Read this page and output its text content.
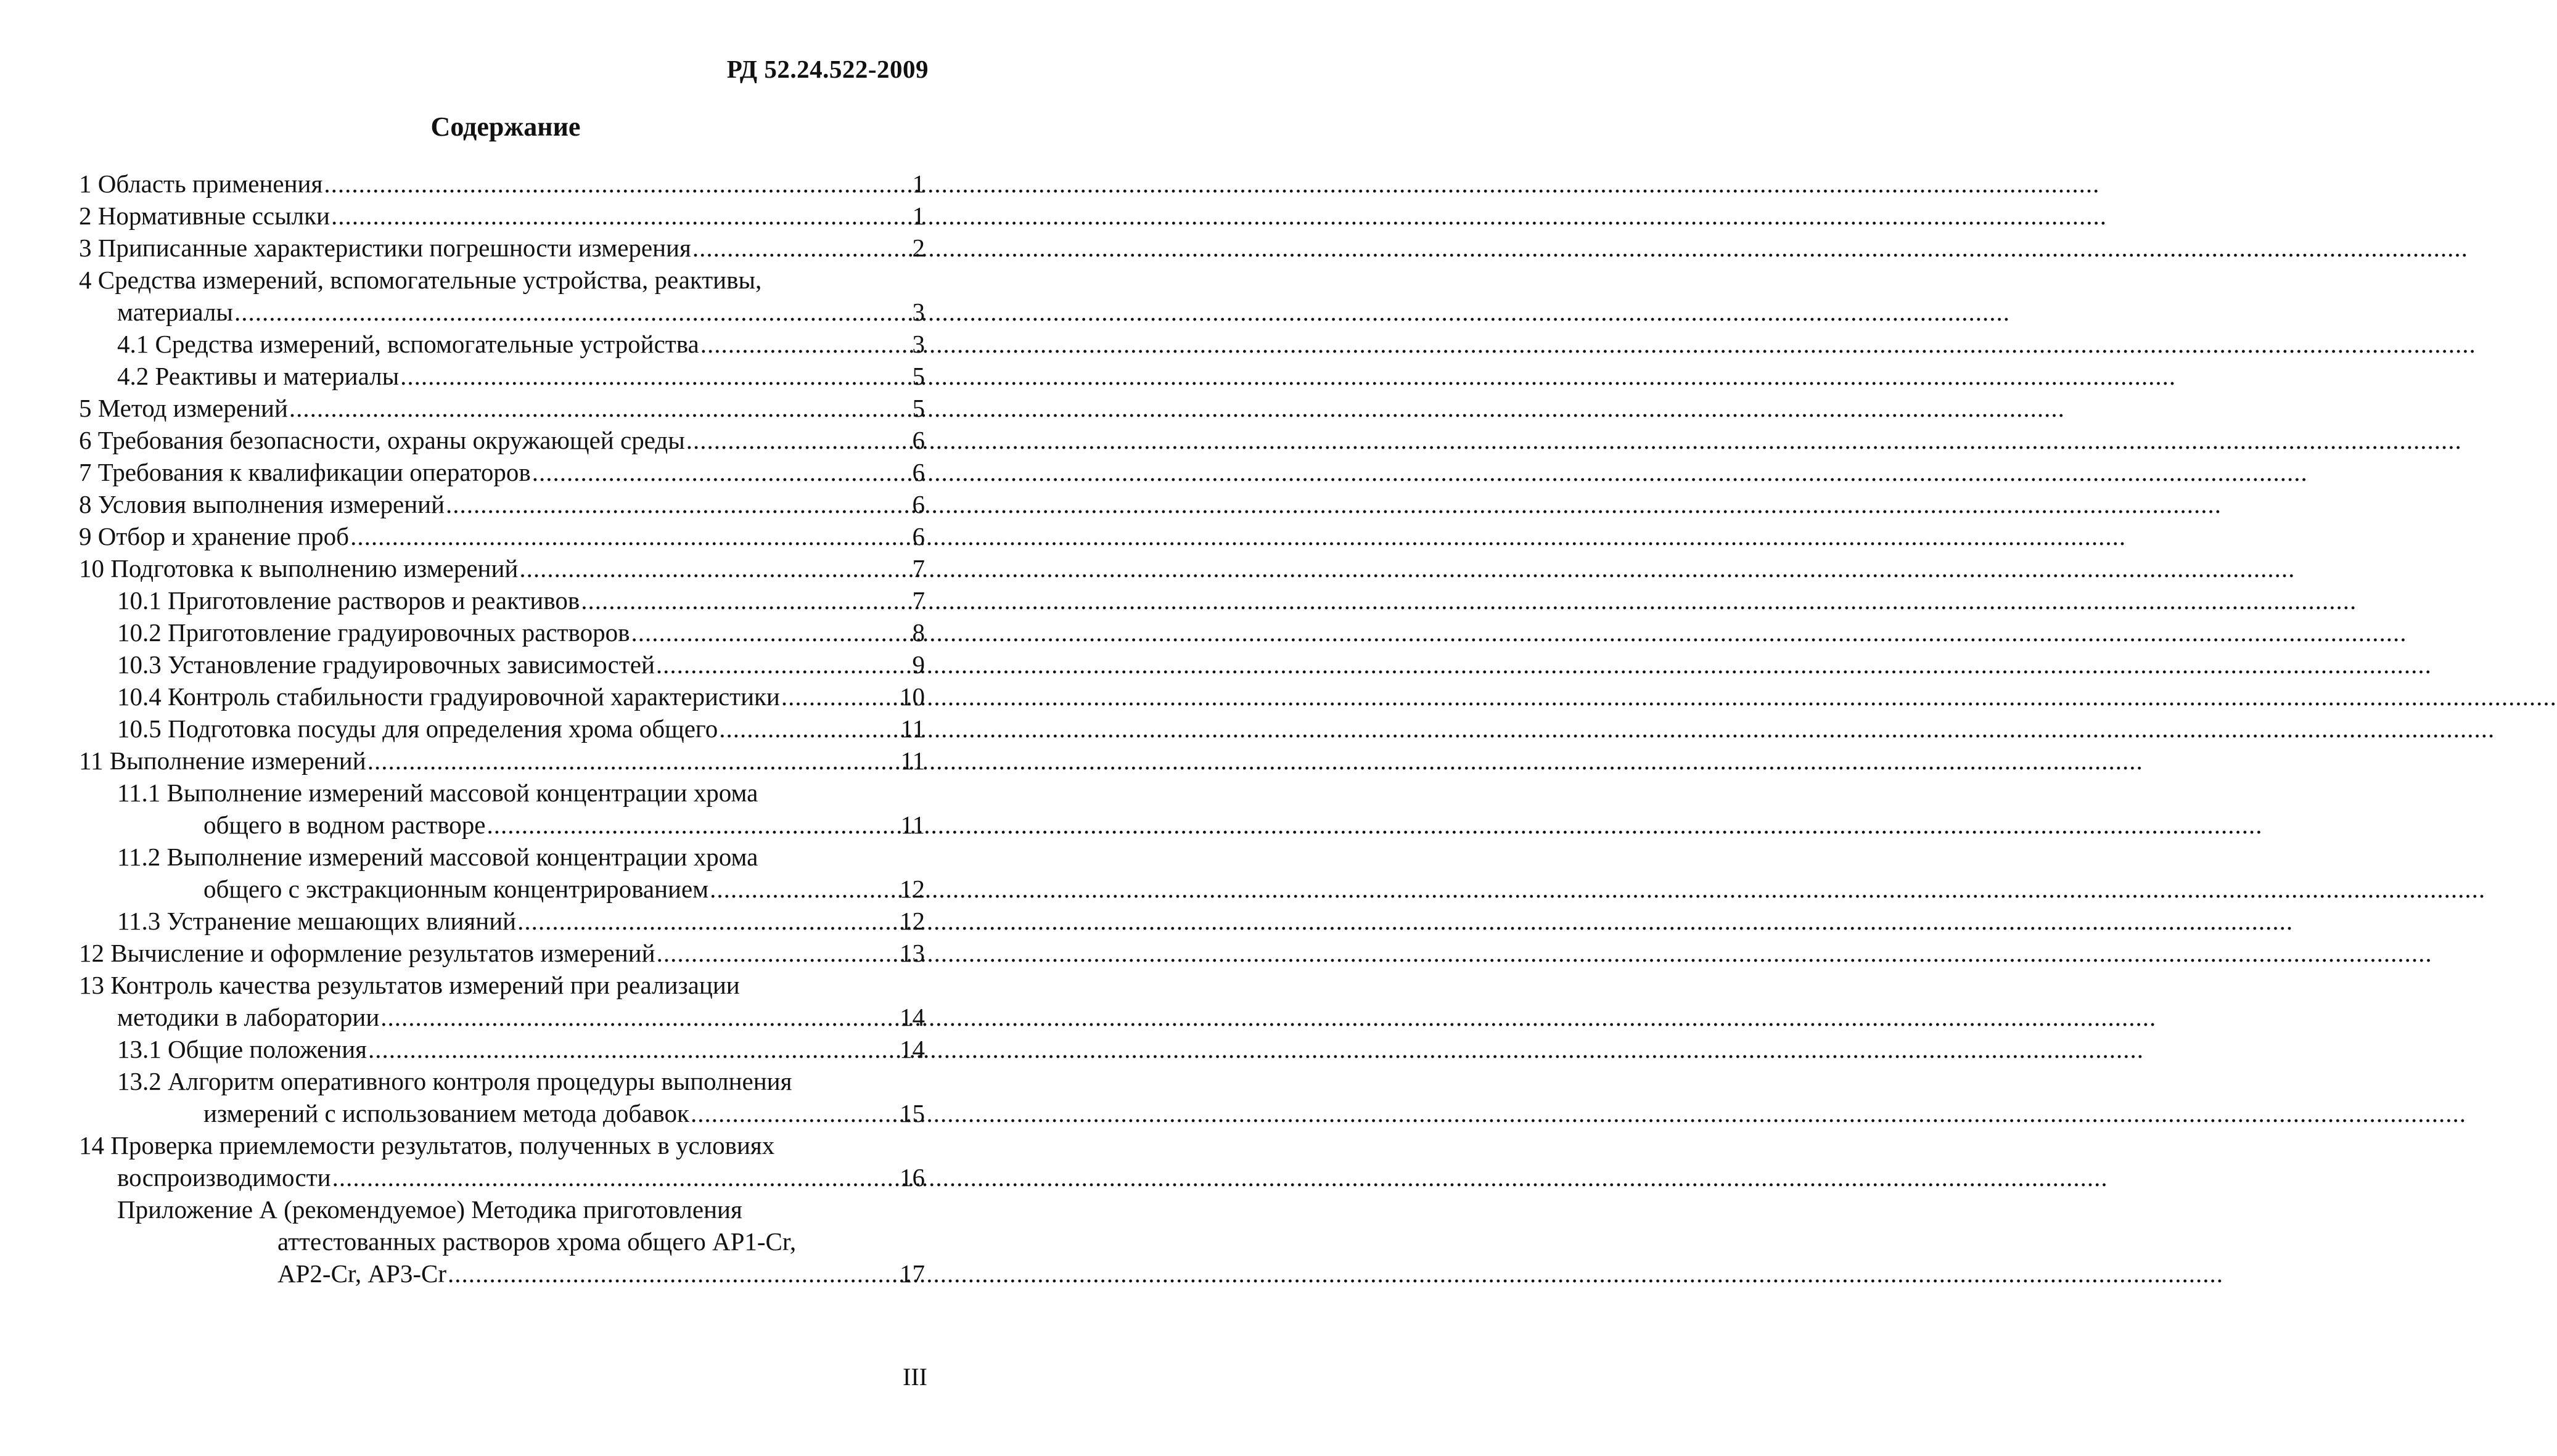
РД 52.24.522-2009
Содержание
1 Область применения .....	1
2 Нормативные ссылки .....	1
3 Приписанные характеристики погрешности измерения .....	2
4 Средства измерений, вспомогательные устройства, реактивы,
материалы .....	3
4.1 Средства измерений, вспомогательные устройства .....	3
4.2 Реактивы и материалы .....	5
5 Метод измерений .....	5
6 Требования безопасности, охраны окружающей среды .....	6
7 Требования к квалификации операторов .....	6
8 Условия выполнения измерений .....	6
9 Отбор и хранение проб .....	6
10 Подготовка к выполнению измерений .....	7
10.1 Приготовление растворов и реактивов .....	7
10.2 Приготовление градуировочных растворов .....	8
10.3 Установление градуировочных зависимостей .....	9
10.4 Контроль стабильности градуировочной характеристики .....	10
10.5 Подготовка посуды для определения хрома общего .....	11
11 Выполнение измерений .....	11
11.1 Выполнение измерений массовой концентрации хрома
общего в водном растворе .....	11
11.2 Выполнение измерений массовой концентрации хрома
общего с экстракционным концентрированием .....	12
11.3 Устранение мешающих влияний .....	12
12 Вычисление и оформление результатов измерений .....	13
13 Контроль качества результатов измерений при реализации
методики в лаборатории .....	14
13.1 Общие положения .....	14
13.2 Алгоритм оперативного контроля процедуры выполнения
измерений с использованием метода добавок .....	15
14 Проверка приемлемости результатов, полученных в условиях
воспроизводимости .....	16
Приложение А (рекомендуемое) Методика приготовления
аттестованных растворов хрома общего АР1-Cr,
АР2-Cr, АР3-Cr .....	17
III
